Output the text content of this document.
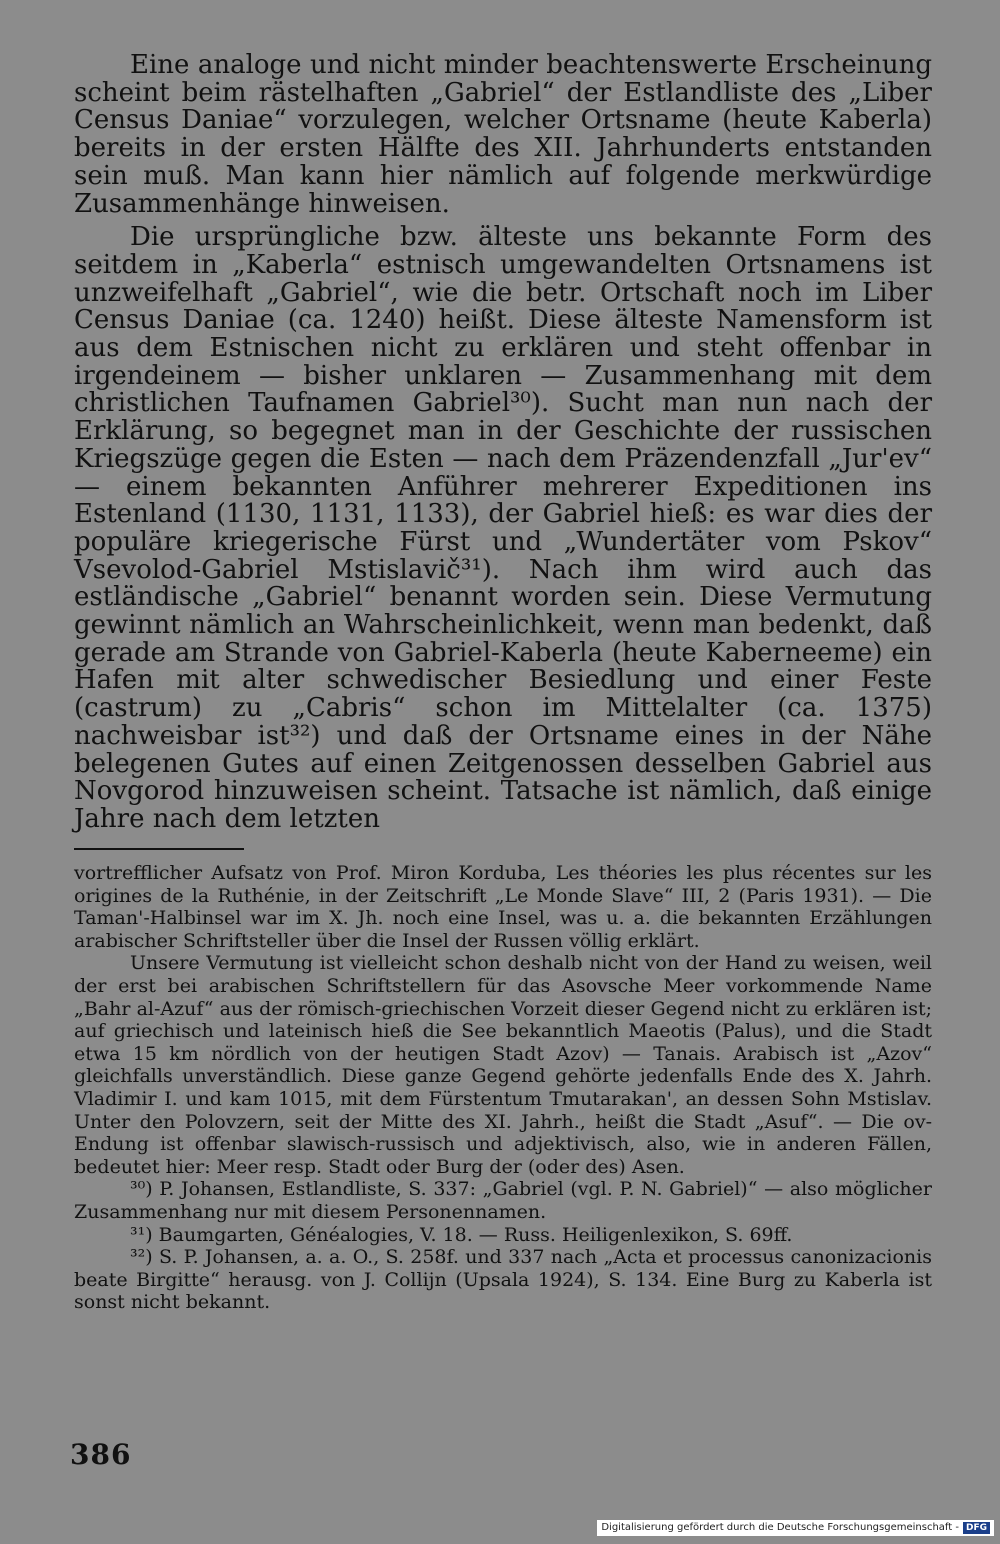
Eine analoge und nicht minder beachtenswerte Erscheinung scheint beim rästelhaften „Gabriel“ der Estlandliste des „Liber Census Daniae“ vorzulegen, welcher Ortsname (heute Kaberla) bereits in der ersten Hälfte des XII. Jahrhunderts entstanden sein muß. Man kann hier nämlich auf folgende merkwürdige Zusammenhänge hinweisen.

Die ursprüngliche bzw. älteste uns bekannte Form des seitdem in „Kaberla“ estnisch umgewandelten Ortsnamens ist unzweifelhaft „Gabriel“, wie die betr. Ortschaft noch im Liber Census Daniae (ca. 1240) heißt. Diese älteste Namensform ist aus dem Estnischen nicht zu erklären und steht offenbar in irgendeinem — bisher unklaren — Zusammenhang mit dem christlichen Taufnamen Gabriel³⁰). Sucht man nun nach der Erklärung, so begegnet man in der Geschichte der russischen Kriegszüge gegen die Esten — nach dem Präzendenzfall „Jur'ev“ — einem bekannten Anführer mehrerer Expeditionen ins Estenland (1130, 1131, 1133), der Gabriel hieß: es war dies der populäre kriegerische Fürst und „Wundertäter vom Pskov“ Vsevolod-Gabriel Mstislavič³¹). Nach ihm wird auch das estländische „Gabriel“ benannt worden sein. Diese Vermutung gewinnt nämlich an Wahrscheinlichkeit, wenn man bedenkt, daß gerade am Strande von Gabriel-Kaberla (heute Kaberneeme) ein Hafen mit alter schwedischer Besiedlung und einer Feste (castrum) zu „Cabris“ schon im Mittelalter (ca. 1375) nachweisbar ist³²) und daß der Ortsname eines in der Nähe belegenen Gutes auf einen Zeitgenossen desselben Gabriel aus Novgorod hinzuweisen scheint. Tatsache ist nämlich, daß einige Jahre nach dem letzten

vortrefflicher Aufsatz von Prof. Miron Korduba, Les théories les plus récentes sur les origines de la Ruthénie, in der Zeitschrift „Le Monde Slave“ III, 2 (Paris 1931). — Die Taman'-Halbinsel war im X. Jh. noch eine Insel, was u. a. die bekannten Erzählungen arabischer Schriftsteller über die Insel der Russen völlig erklärt.

Unsere Vermutung ist vielleicht schon deshalb nicht von der Hand zu weisen, weil der erst bei arabischen Schriftstellern für das Asovsche Meer vorkommende Name „Bahr al-Azuf“ aus der römisch-griechischen Vorzeit dieser Gegend nicht zu erklären ist; auf griechisch und lateinisch hieß die See bekanntlich Maeotis (Palus), und die Stadt etwa 15 km nördlich von der heutigen Stadt Azov) — Tanais. Arabisch ist „Azov“ gleichfalls unverständlich. Diese ganze Gegend gehörte jedenfalls Ende des X. Jahrh. Vladimir I. und kam 1015, mit dem Fürstentum Tmutarakan', an dessen Sohn Mstislav. Unter den Polovzern, seit der Mitte des XI. Jahrh., heißt die Stadt „Asuf“. — Die ov-Endung ist offenbar slawisch-russisch und adjektivisch, also, wie in anderen Fällen, bedeutet hier: Meer resp. Stadt oder Burg der (oder des) Asen.

³⁰) P. Johansen, Estlandliste, S. 337: „Gabriel (vgl. P. N. Gabriel)“ — also möglicher Zusammenhang nur mit diesem Personennamen.

³¹) Baumgarten, Généalogies, V. 18. — Russ. Heiligenlexikon, S. 69ff.

³²) S. P. Johansen, a. a. O., S. 258f. und 337 nach „Acta et processus canonizacionis beate Birgitte“ herausg. von J. Collijn (Upsala 1924), S. 134. Eine Burg zu Kaberla ist sonst nicht bekannt.

386
Digitalisierung gefördert durch die Deutsche Forschungsgemeinschaft - DFG
